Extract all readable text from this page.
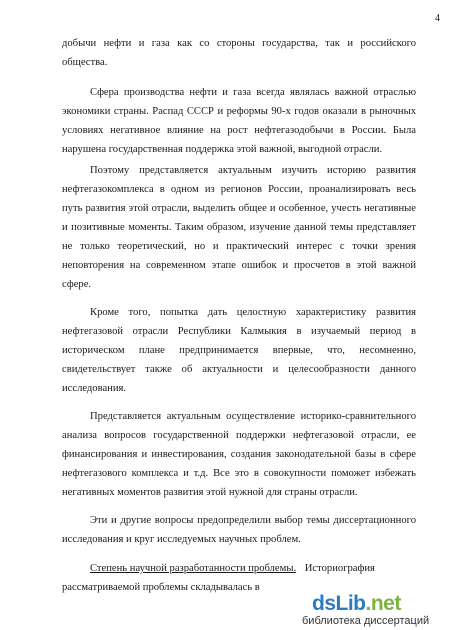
4
добычи нефти и газа как со стороны государства, так и российского
общества.
Сфера производства нефти и газа всегда являлась важной отраслью
экономики страны. Распад СССР и реформы 90-х годов оказали в рыночных
условиях негативное влияние на рост нефтегазодобычи в России. Была
нарушена государственная поддержка этой важной, выгодной отрасли.
Поэтому представляется актуальным изучить историю развития
нефтегазокомплекса в одном из регионов России, проанализировать весь
путь развития этой отрасли, выделить общее и особенное, учесть негативные
и позитивные моменты. Таким образом, изучение данной темы представляет
не только теоретический, но и практический интерес с точки зрения
неповторения на современном этапе ошибок и просчетов в этой важной
сфере.
Кроме того, попытка дать целостную характеристику развития
нефтегазовой отрасли Республики Калмыкия в изучаемый период в
историческом плане предпринимается впервые, что, несомненно,
свидетельствует также об актуальности и целесообразности данного
исследования.
Представляется актуальным осуществление историко-сравнительного
анализа вопросов государственной поддержки нефтегазовой отрасли, ее
финансирования и инвестирования, создания законодательной базы в сфере
нефтегазового комплекса и т.д. Все это в совокупности поможет избежать
негативных моментов развития этой нужной для страны отрасли.
Эти и другие вопросы предопределили выбор темы диссертационного
исследования и круг исследуемых научных проблем.
Степень научной разработанности проблемы. Историография
рассматриваемой проблемы складывалась в
dsLib.net
библиотека диссертаций
